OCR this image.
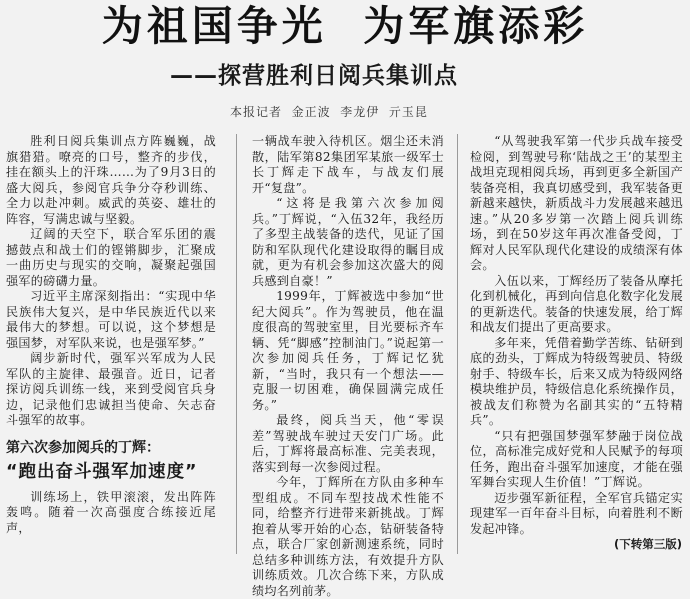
为祖国争光  为军旗添彩
——探营胜利日阅兵集训点
本报记者  金正波  李龙伊  亓玉昆

胜利日阅兵集训点方阵巍巍，战旗猎猎。嘹亮的口号，整齐的步伐，挂在额头上的汗珠……为了9月3日的盛大阅兵，参阅官兵争分夺秒训练、全力以赴冲刺。威武的英姿、雄壮的阵容，写满忠诚与坚毅。

辽阔的天空下，联合军乐团的震撼鼓点和战士们的铿锵脚步，汇聚成一曲历史与现实的交响，凝聚起强国强军的磅礴力量。

习近平主席深刻指出：“实现中华民族伟大复兴，是中华民族近代以来最伟大的梦想。可以说，这个梦想是强国梦，对军队来说，也是强军梦。”

阔步新时代，强军兴军成为人民军队的主旋律、最强音。近日，记者探访阅兵训练一线，来到受阅官兵身边，记录他们忠诚担当使命、矢志奋斗强军的故事。

第六次参加阅兵的丁辉：
“跑出奋斗强军加速度”

训练场上，铁甲滚滚，发出阵阵轰鸣。随着一次高强度合练接近尾声，

一辆战车驶入待机区。烟尘还未消散，陆军第82集团军某旅一级军士长丁辉走下战车，与战友们展开“复盘”。

“这将是我第六次参加阅兵。”丁辉说，“入伍32年，我经历了多型主战装备的迭代，见证了国防和军队现代化建设取得的瞩目成就，更为有机会参加这次盛大的阅兵感到自豪！”

1999年，丁辉被选中参加“世纪大阅兵”。作为驾驶员，他在温度很高的驾驶室里，目光要标齐车辆、凭“脚感”控制油门。”说起第一次参加阅兵任务，丁辉记忆犹新，“当时，我只有一个想法——克服一切困难，确保圆满完成任务。”

最终，阅兵当天，他“零误差”驾驶战车驶过天安门广场。此后，丁辉将最高标准、完美表现，落实到每一次参阅过程。

今年，丁辉所在方队由多种车型组成。不同车型技战术性能不同，给整齐行进带来新挑战。丁辉抱着从零开始的心态，钻研装备特点，联合厂家创新测速系统，同时总结多种训练方法，有效提升方队训练质效。几次合练下来，方队成绩均名列前茅。

“从驾驶我军第一代步兵战车接受检阅，到驾驶号称‘陆战之王’的某型主战坦克现相阅兵场，再到更多全新国产装备亮相，我真切感受到，我军装备更新越来越快，新质战斗力发展越来越迅速。”从20多岁第一次踏上阅兵训练场，到在50岁这年再次准备受阅，丁辉对人民军队现代化建设的成绩深有体会。

入伍以来，丁辉经历了装备从摩托化到机械化，再到向信息化数字化发展的更新迭代。装备的快速发展，给丁辉和战友们提出了更高要求。

多年来，凭借着勤学苦练、钻研到底的劲头，丁辉成为特级驾驶员、特级射手、特级车长，后来又成为特级网络模块维护员，特级信息化系统操作员，被战友们称赞为名副其实的“五特精兵”。

“只有把强国梦强军梦融于岗位战位，高标准完成好党和人民赋予的每项任务，跑出奋斗强军加速度，才能在强军舞台实现人生价值！”丁辉说。

迈步强军新征程，全军官兵锚定实现建军一百年奋斗目标，向着胜利不断发起冲锋。

(下转第三版)
